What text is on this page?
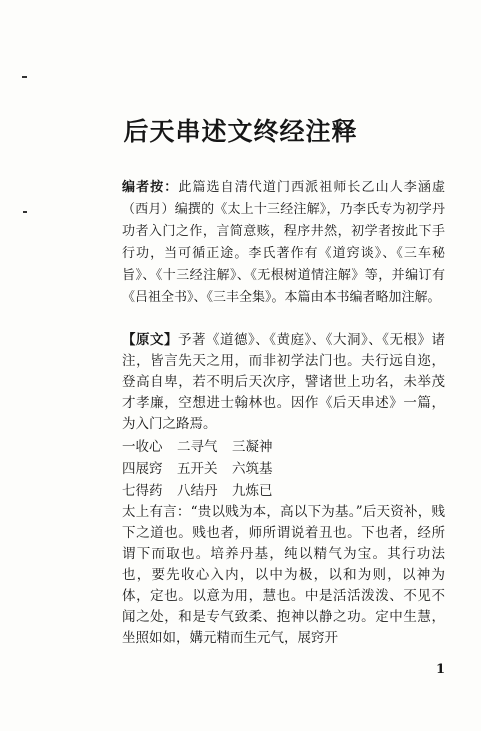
后天串述文终经注释
编者按：此篇选自清代道门西派祖师长乙山人李涵虚（西月）编撰的《太上十三经注解》，乃李氏专为初学丹功者入门之作，言简意赅，程序井然，初学者按此下手行功，当可循正途。李氏著作有《道窍谈》、《三车秘旨》、《十三经注解》、《无根树道情注解》等，并编订有《吕祖全书》、《三丰全集》。本篇由本书编者略加注解。
【原文】予著《道德》、《黄庭》、《大洞》、《无根》诸注，皆言先天之用，而非初学法门也。夫行远自迩，登高自卑，若不明后天次序，譬诸世上功名，未举茂才孝廉，空想进士翰林也。因作《后天串述》一篇，为入门之路焉。
一收心	二寻气	三凝神
四展窍	五开关	六筑基
七得药	八结丹	九炼已
太上有言：“贵以贱为本，高以下为基。”后天资补，贱下之道也。贱也者，师所谓说着丑也。下也者，经所谓下而取也。培养丹基，纯以精气为宝。其行功法也，要先收心入内，以中为极，以和为则，以神为体，定也。以意为用，慧也。中是活活泼泼、不见不闻之处，和是专气致柔、抱神以静之功。定中生慧，坐照如如，媾元精而生元气，展窍开
1
